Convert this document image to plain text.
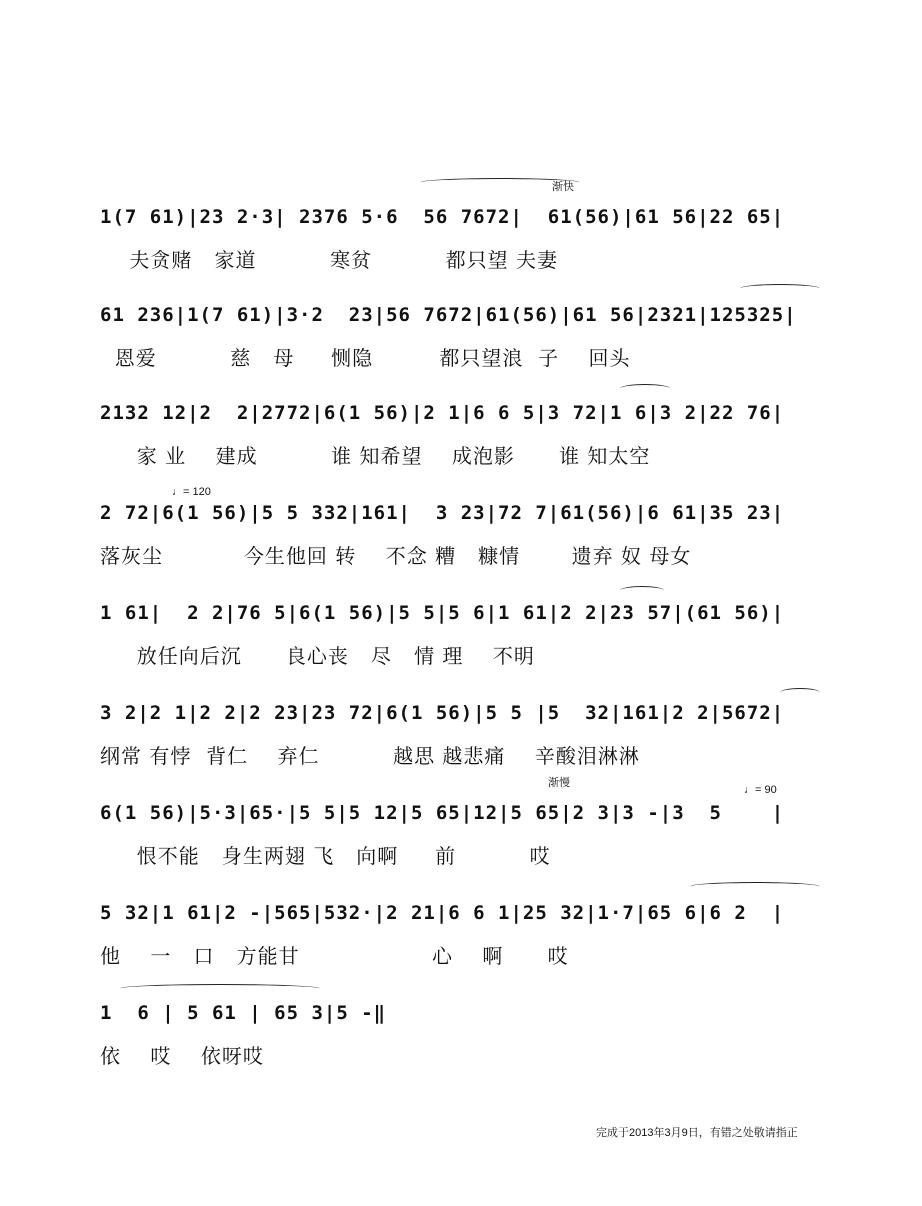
渐快
1(7 61)|23 2·3| 2376 5·6  56 7672|  61(56)|61 56|22 65|
夫贪赌   家道          寒贫          都只望 夫妻
61 236|1(7 61)|3·2  23|56 7672|61(56)|61 56|2321|125325|
恩爱          慈   母     恻隐         都只望浪  子    回头
2132 12|2  2|2772|6(1 56)|2 1|6 6 5|3 72|1 6|3 2|22 76|
家 业    建成          谁 知希望    成泡影      谁 知太空
♩= 120
2 72|6(1 56)|5 5 332|161|  3 23|72 7|61(56)|6 61|35 23|
落灰尘           今生他回 转    不念 糟   糠情       遗弃 奴 母女
1 61|  2 2|76 5|6(1 56)|5 5|5 6|1 61|2 2|23 57|(61 56)|
放任向后沉      良心丧   尽   情 理    不明
3 2|2 1|2 2|2 23|23 72|6(1 56)|5 5 |5  32|161|2 2|5672|
纲常 有悖  背仁    弃仁          越思 越悲痛    辛酸泪淋淋
渐慢
6(1 56)|5·3|65·|5 5|5 12|5 65|12|5 65|2 3|3 -|3  5    |
恨不能   身生两翅 飞   向啊     前          哎
♩= 90
5 32|1 61|2 -|565|532·|2 21|6 6 1|25 32|1·7|65 6|6 2  |
他    一   口   方能甘                  心    啊      哎
1  6 | 5 61 | 65 3|5 -‖
依    哎    依呀哎
完成于2013年3月9日，有错之处敬请指正
